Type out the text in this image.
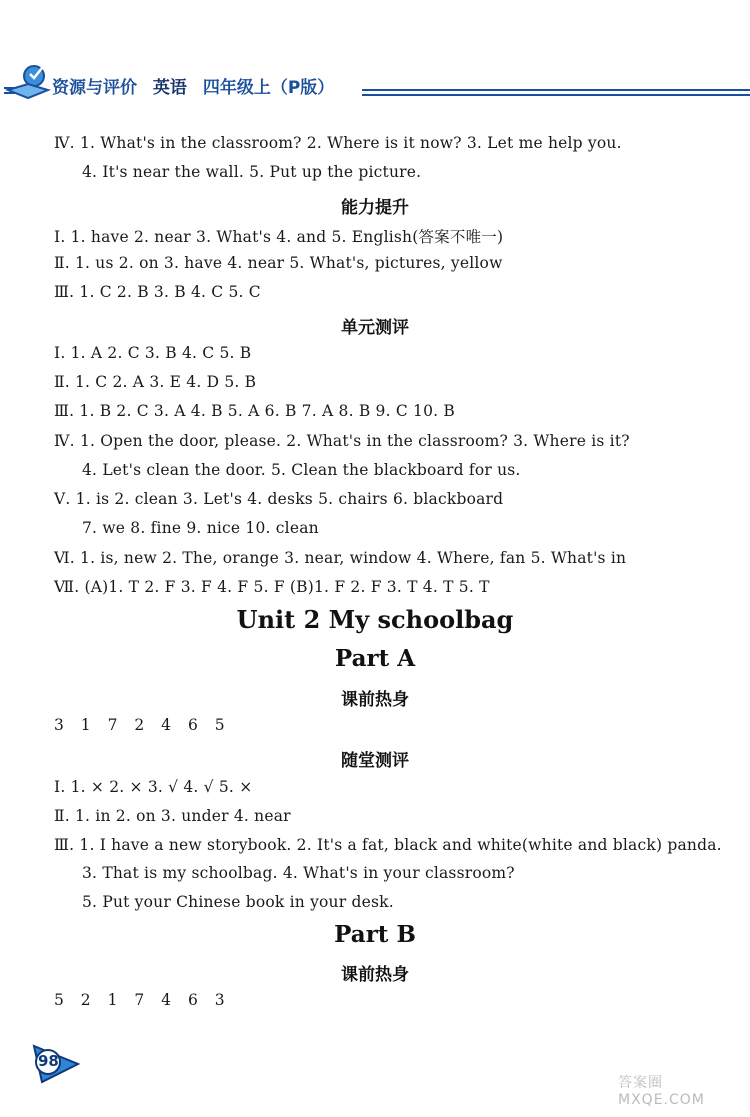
资源与评价 英语 四年级上（P版）
Ⅳ. 1. What's in the classroom? 2. Where is it now? 3. Let me help you.
4. It's near the wall. 5. Put up the picture.
能力提升
Ⅰ. 1. have 2. near 3. What's 4. and 5. English(答案不唯一)
Ⅱ. 1. us 2. on 3. have 4. near 5. What's, pictures, yellow
Ⅲ. 1. C 2. B 3. B 4. C 5. C
单元测评
Ⅰ. 1. A 2. C 3. B 4. C 5. B
Ⅱ. 1. C 2. A 3. E 4. D 5. B
Ⅲ. 1. B 2. C 3. A 4. B 5. A 6. B 7. A 8. B 9. C 10. B
Ⅳ. 1. Open the door, please. 2. What's in the classroom? 3. Where is it?
4. Let's clean the door. 5. Clean the blackboard for us.
Ⅴ. 1. is 2. clean 3. Let's 4. desks 5. chairs 6. blackboard
7. we 8. fine 9. nice 10. clean
Ⅵ. 1. is, new 2. The, orange 3. near, window 4. Where, fan 5. What's in
Ⅶ. (A)1. T 2. F 3. F 4. F 5. F (B)1. F 2. F 3. T 4. T 5. T
Unit 2 My schoolbag
Part A
课前热身
3 1 7 2 4 6 5
随堂测评
Ⅰ. 1. × 2. × 3. √ 4. √ 5. ×
Ⅱ. 1. in 2. on 3. under 4. near
Ⅲ. 1. I have a new storybook. 2. It's a fat, black and white(white and black) panda.
3. That is my schoolbag. 4. What's in your classroom?
5. Put your Chinese book in your desk.
Part B
课前热身
5 2 1 7 4 6 3
98
答案圈 MXQE.COM
